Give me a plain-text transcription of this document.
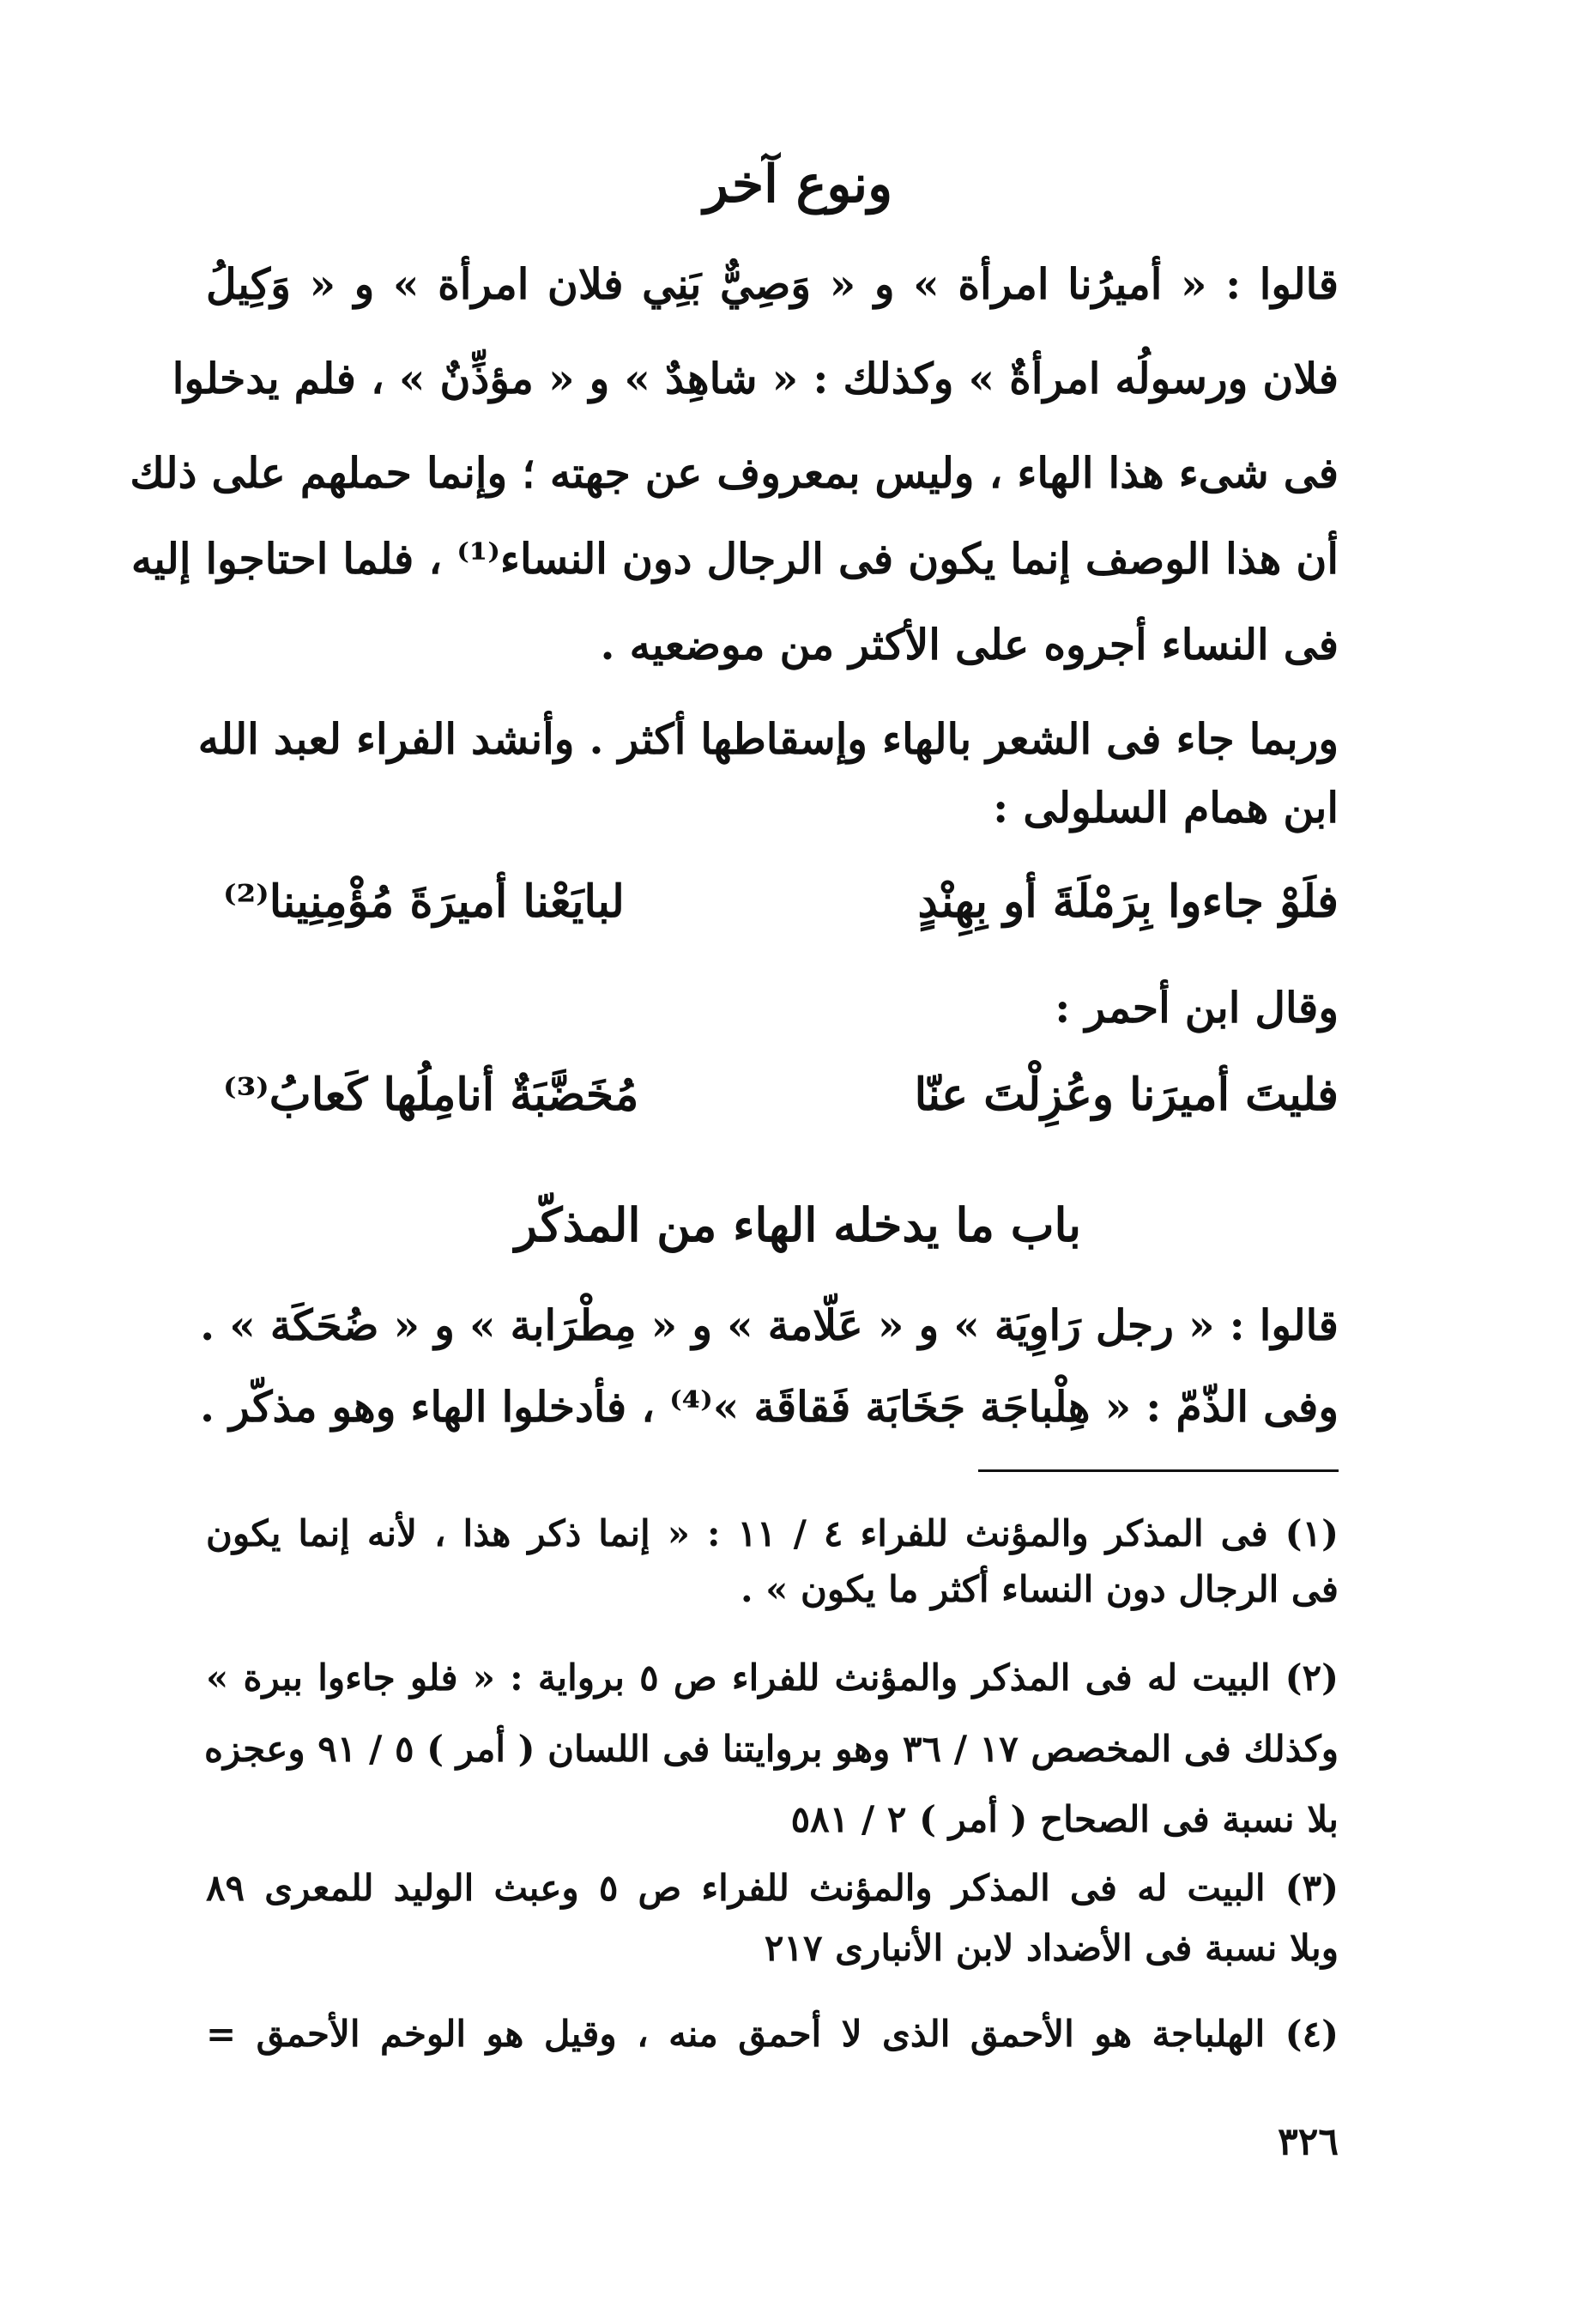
ونوع آخر
قالوا : « أميرُنا امرأة » و « وَصِيٌّ بَنِي فلان امرأة » و « وَكِيلُ
فلان ورسولُه امرأةٌ » وكذلك : « شاهِدٌ » و « مؤذِّنٌ » ، فلم يدخلوا
فى شىء هذا الهاء ، وليس بمعروف عن جهته ؛ وإنما حملهم على ذلك
أن هذا الوصف إنما يكون فى الرجال دون النساء⁽¹⁾ ، فلما احتاجوا إليه
فى النساء أجروه على الأكثر من موضعيه .
وربما جاء فى الشعر بالهاء وإسقاطها أكثر . وأنشد الفراء لعبد الله
ابن همام السلولى :
فلَوْ جاءوا بِرَمْلَةَ أو بِهِنْدٍ
لبايَعْنا أميرَةَ مُؤْمِنِينا⁽²⁾
وقال ابن أحمر :
فليتَ أميرَنا وعُزِلْتَ عنّا
مُخَضَّبَةٌ أنامِلُها كَعابُ⁽³⁾
باب ما يدخله الهاء من المذكّر
قالوا : « رجل رَاوِيَة » و « عَلّامة » و « مِطْرَابة » و « ضُحَكَة » .
وفى الذّمّ : « هِلْباجَة جَخَابَة فَقاقَة »⁽⁴⁾ ، فأدخلوا الهاء وهو مذكّر .
(١) فى المذكر والمؤنث للفراء ٤ / ١١ : « إنما ذكر هذا ، لأنه إنما يكون
فى الرجال دون النساء أكثر ما يكون » .
(٢) البيت له فى المذكر والمؤنث للفراء ص ٥ برواية : « فلو جاءوا ببرة »
وكذلك فى المخصص ١٧ / ٣٦ وهو بروايتنا فى اللسان ( أمر ) ٥ / ٩١ وعجزه
بلا نسبة فى الصحاح ( أمر ) ٢ / ٥٨١
(٣) البيت له فى المذكر والمؤنث للفراء ص ٥ وعبث الوليد للمعرى ٨٩
وبلا نسبة فى الأضداد لابن الأنبارى ٢١٧
(٤) الهلباجة هو الأحمق الذى لا أحمق منه ، وقيل هو الوخم الأحمق =
٣٢٦
